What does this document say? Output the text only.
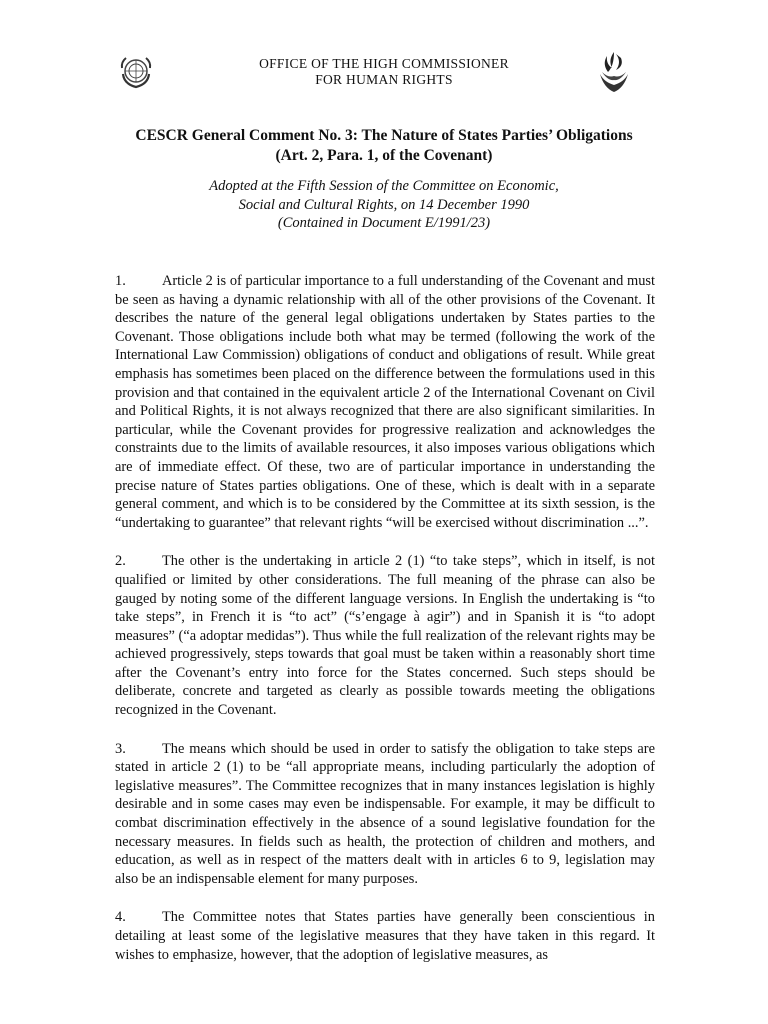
OFFICE OF THE HIGH COMMISSIONER
FOR HUMAN RIGHTS
CESCR General Comment No. 3: The Nature of States Parties’ Obligations
(Art. 2, Para. 1, of the Covenant)
Adopted at the Fifth Session of the Committee on Economic,
Social and Cultural Rights, on 14 December 1990
(Contained in Document E/1991/23)

1.	Article 2 is of particular importance to a full understanding of the Covenant and must be seen as having a dynamic relationship with all of the other provisions of the Covenant. It describes the nature of the general legal obligations undertaken by States parties to the Covenant. Those obligations include both what may be termed (following the work of the International Law Commission) obligations of conduct and obligations of result. While great emphasis has sometimes been placed on the difference between the formulations used in this provision and that contained in the equivalent article 2 of the International Covenant on Civil and Political Rights, it is not always recognized that there are also significant similarities. In particular, while the Covenant provides for progressive realization and acknowledges the constraints due to the limits of available resources, it also imposes various obligations which are of immediate effect. Of these, two are of particular importance in understanding the precise nature of States parties obligations. One of these, which is dealt with in a separate general comment, and which is to be considered by the Committee at its sixth session, is the “undertaking to guarantee” that relevant rights “will be exercised without discrimination ...”.

2.	The other is the undertaking in article 2 (1) “to take steps”, which in itself, is not qualified or limited by other considerations. The full meaning of the phrase can also be gauged by noting some of the different language versions. In English the undertaking is “to take steps”, in French it is “to act” (“s’engage à agir”) and in Spanish it is “to adopt measures” (“a adoptar medidas”). Thus while the full realization of the relevant rights may be achieved progressively, steps towards that goal must be taken within a reasonably short time after the Covenant’s entry into force for the States concerned. Such steps should be deliberate, concrete and targeted as clearly as possible towards meeting the obligations recognized in the Covenant.

3.	The means which should be used in order to satisfy the obligation to take steps are stated in article 2 (1) to be “all appropriate means, including particularly the adoption of legislative measures”. The Committee recognizes that in many instances legislation is highly desirable and in some cases may even be indispensable. For example, it may be difficult to combat discrimination effectively in the absence of a sound legislative foundation for the necessary measures. In fields such as health, the protection of children and mothers, and education, as well as in respect of the matters dealt with in articles 6 to 9, legislation may also be an indispensable element for many purposes.

4.	The Committee notes that States parties have generally been conscientious in detailing at least some of the legislative measures that they have taken in this regard. It wishes to emphasize, however, that the adoption of legislative measures, as
